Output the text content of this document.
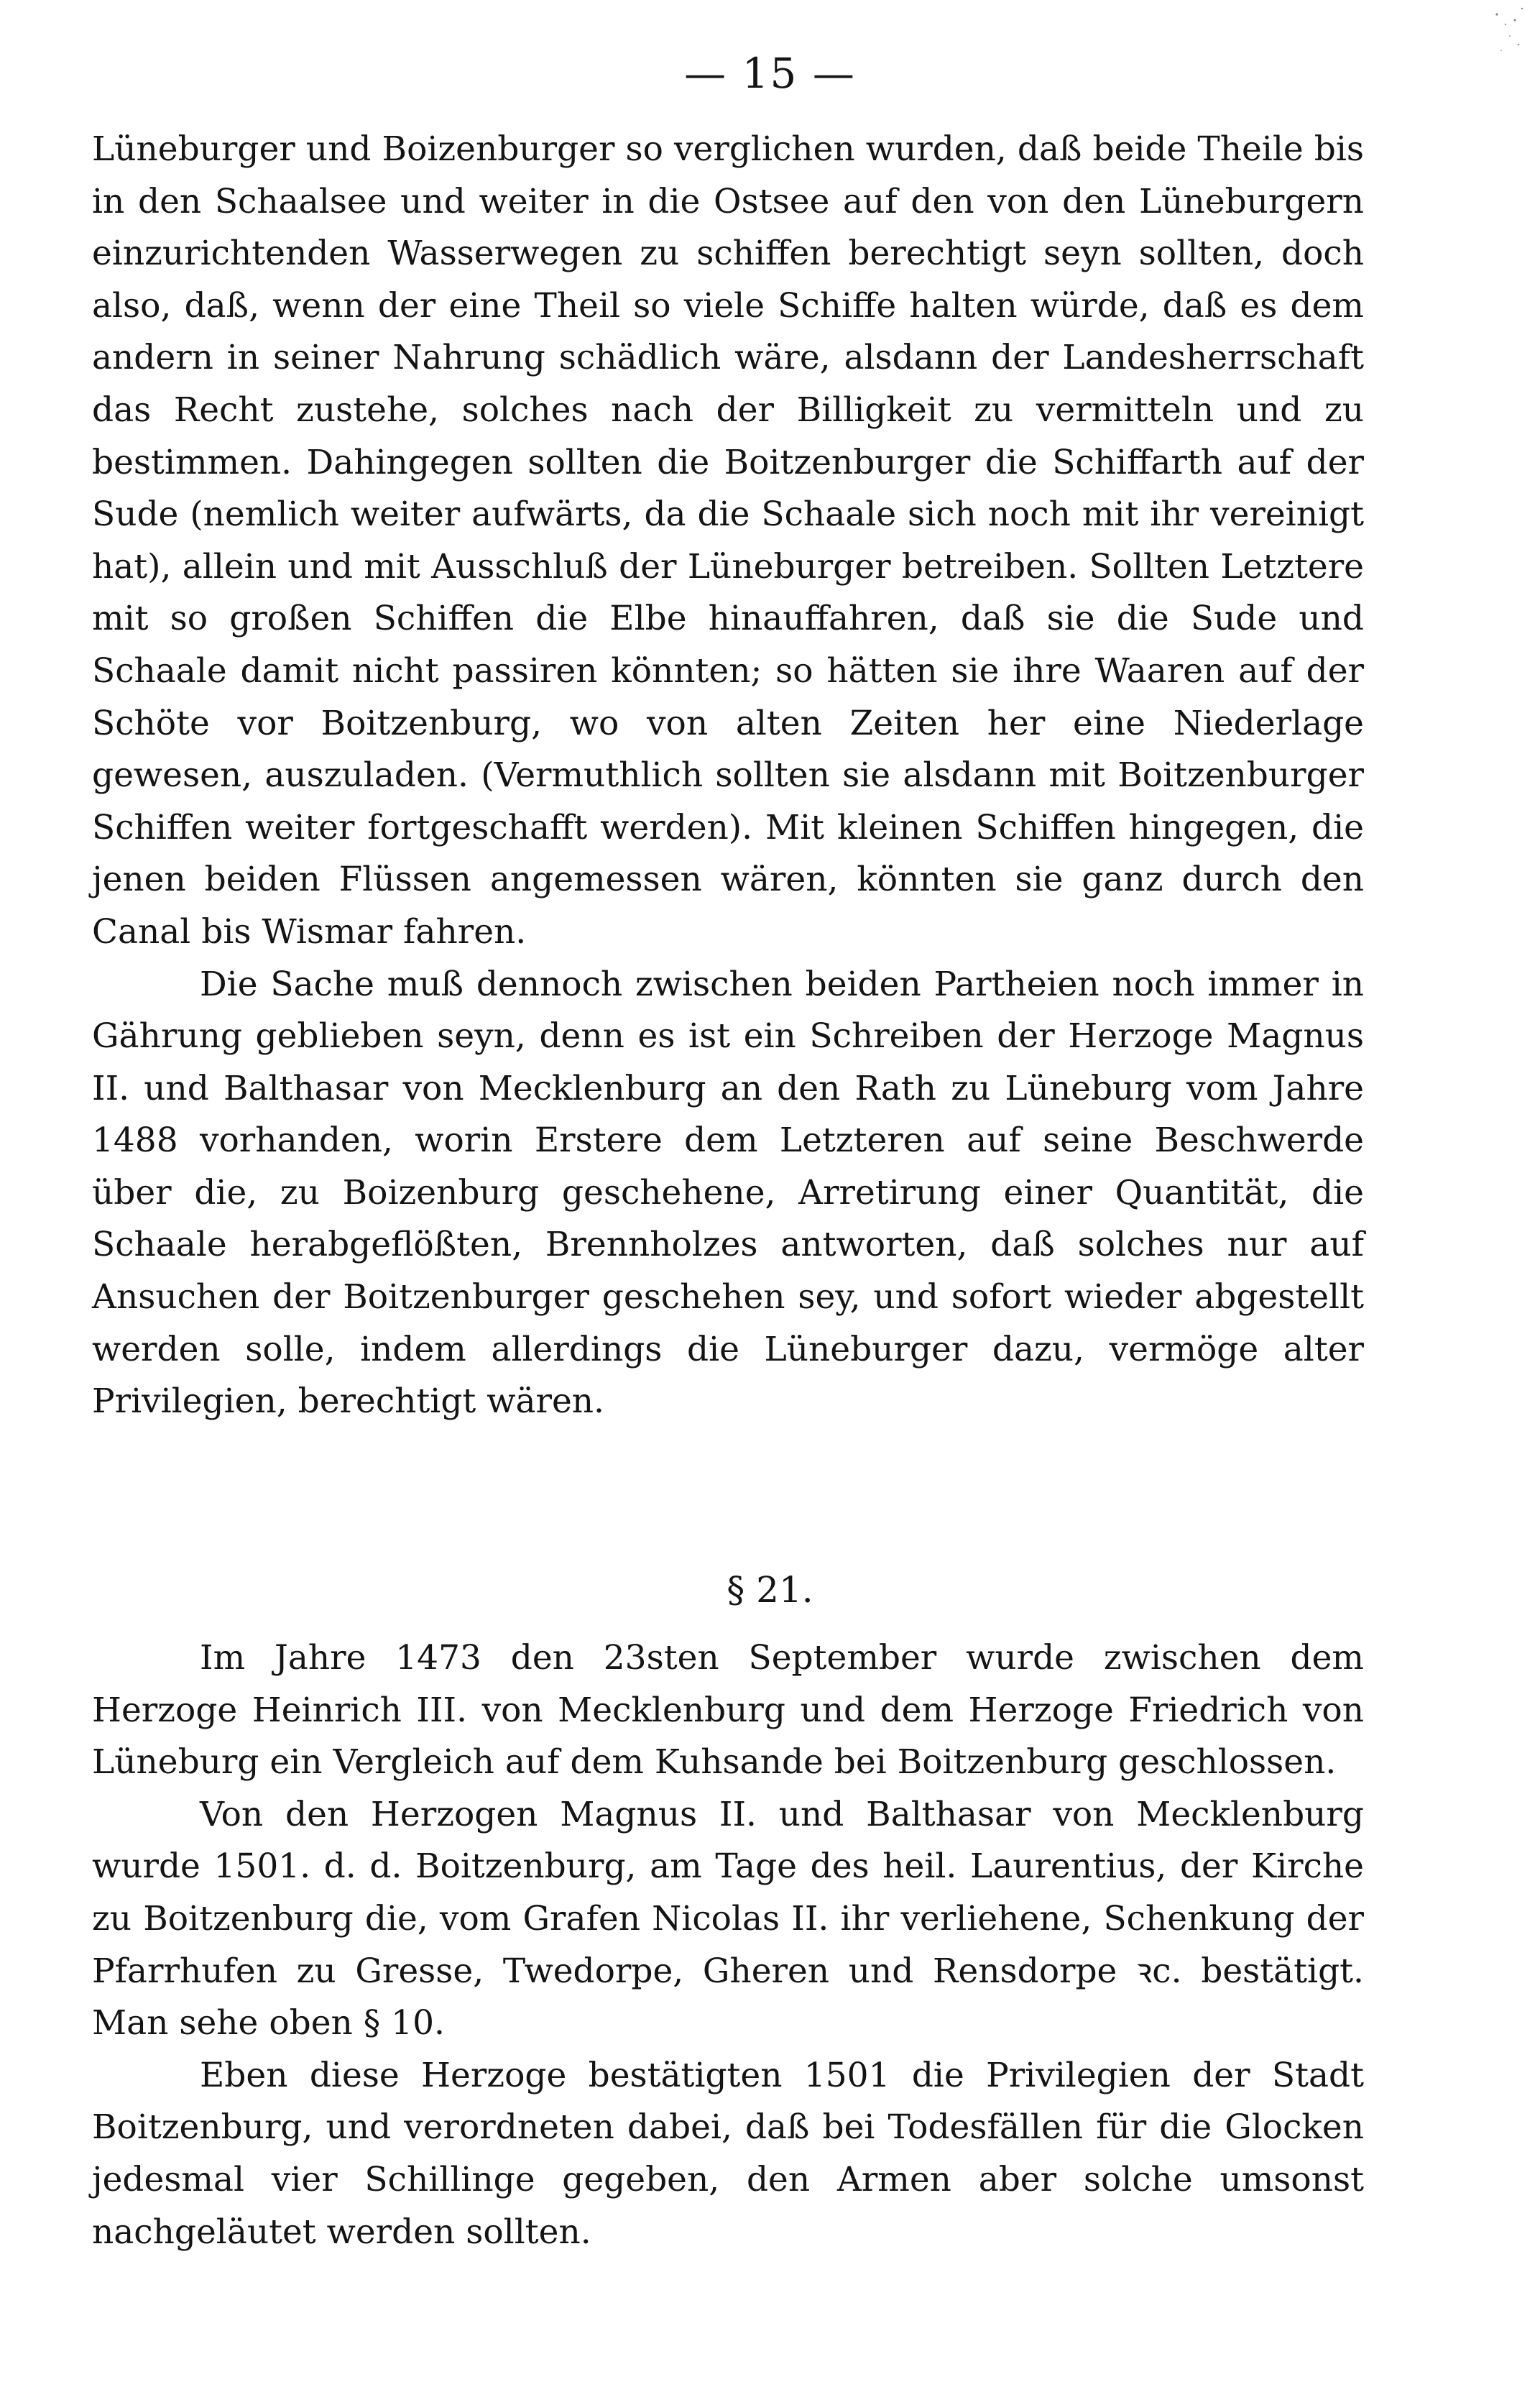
— 15 —

Lüneburger und Boizenburger so verglichen wurden, daß beide Theile bis in den Schaalsee und weiter in die Ostsee auf den von den Lüneburgern einzurichtenden Wasserwegen zu schiffen berechtigt seyn sollten, doch also, daß, wenn der eine Theil so viele Schiffe halten würde, daß es dem andern in seiner Nahrung schädlich wäre, alsdann der Landesherrschaft das Recht zustehe, solches nach der Billigkeit zu vermitteln und zu bestimmen. Dahingegen sollten die Boitzenburger die Schiffarth auf der Sude (nemlich weiter aufwärts, da die Schaale sich noch mit ihr vereinigt hat), allein und mit Ausschluß der Lüneburger betreiben. Sollten Letztere mit so großen Schiffen die Elbe hinauffahren, daß sie die Sude und Schaale damit nicht passiren könnten; so hätten sie ihre Waaren auf der Schöte vor Boitzenburg, wo von alten Zeiten her eine Niederlage gewesen, auszuladen. (Vermuthlich sollten sie alsdann mit Boitzenburger Schiffen weiter fortgeschafft werden). Mit kleinen Schiffen hingegen, die jenen beiden Flüssen angemessen wären, könnten sie ganz durch den Canal bis Wismar fahren.

Die Sache muß dennoch zwischen beiden Partheien noch immer in Gährung geblieben seyn, denn es ist ein Schreiben der Herzoge Magnus II. und Balthasar von Mecklenburg an den Rath zu Lüneburg vom Jahre 1488 vorhanden, worin Erstere dem Letzteren auf seine Beschwerde über die, zu Boizenburg geschehene, Arretirung einer Quantität, die Schaale herabgeflößten, Brennholzes antworten, daß solches nur auf Ansuchen der Boitzenburger geschehen sey, und sofort wieder abgestellt werden solle, indem allerdings die Lüneburger dazu, vermöge alter Privilegien, berechtigt wären.

§ 21.

Im Jahre 1473 den 23sten September wurde zwischen dem Herzoge Heinrich III. von Mecklenburg und dem Herzoge Friedrich von Lüneburg ein Vergleich auf dem Kuhsande bei Boitzenburg geschlossen.

Von den Herzogen Magnus II. und Balthasar von Mecklenburg wurde 1501. d. d. Boitzenburg, am Tage des heil. Laurentius, der Kirche zu Boitzenburg die, vom Grafen Nicolas II. ihr verliehene, Schenkung der Pfarrhufen zu Gresse, Twedorpe, Gheren und Rensdorpe ꝛc. bestätigt. Man sehe oben § 10.

Eben diese Herzoge bestätigten 1501 die Privilegien der Stadt Boitzenburg, und verordneten dabei, daß bei Todesfällen für die Glocken jedesmal vier Schillinge gegeben, den Armen aber solche umsonst nachgeläutet werden sollten.
